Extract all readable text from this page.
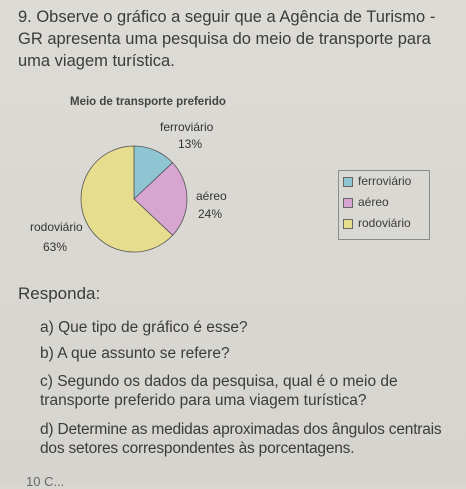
9. Observe o gráfico a seguir que a Agência de Turismo - GR apresenta uma pesquisa do meio de transporte para uma viagem turística.
Meio de transporte preferido
ferroviário
13%
aéreo
24%
rodoviário
63%
ferroviário
aéreo
rodoviário
Responda:
a) Que tipo de gráfico é esse?
b) A que assunto se refere?
c) Segundo os dados da pesquisa, qual é o meio de transporte preferido para uma viagem turística?
d) Determine as medidas aproximadas dos ângulos centrais dos setores correspondentes às porcentagens.
10 C...
